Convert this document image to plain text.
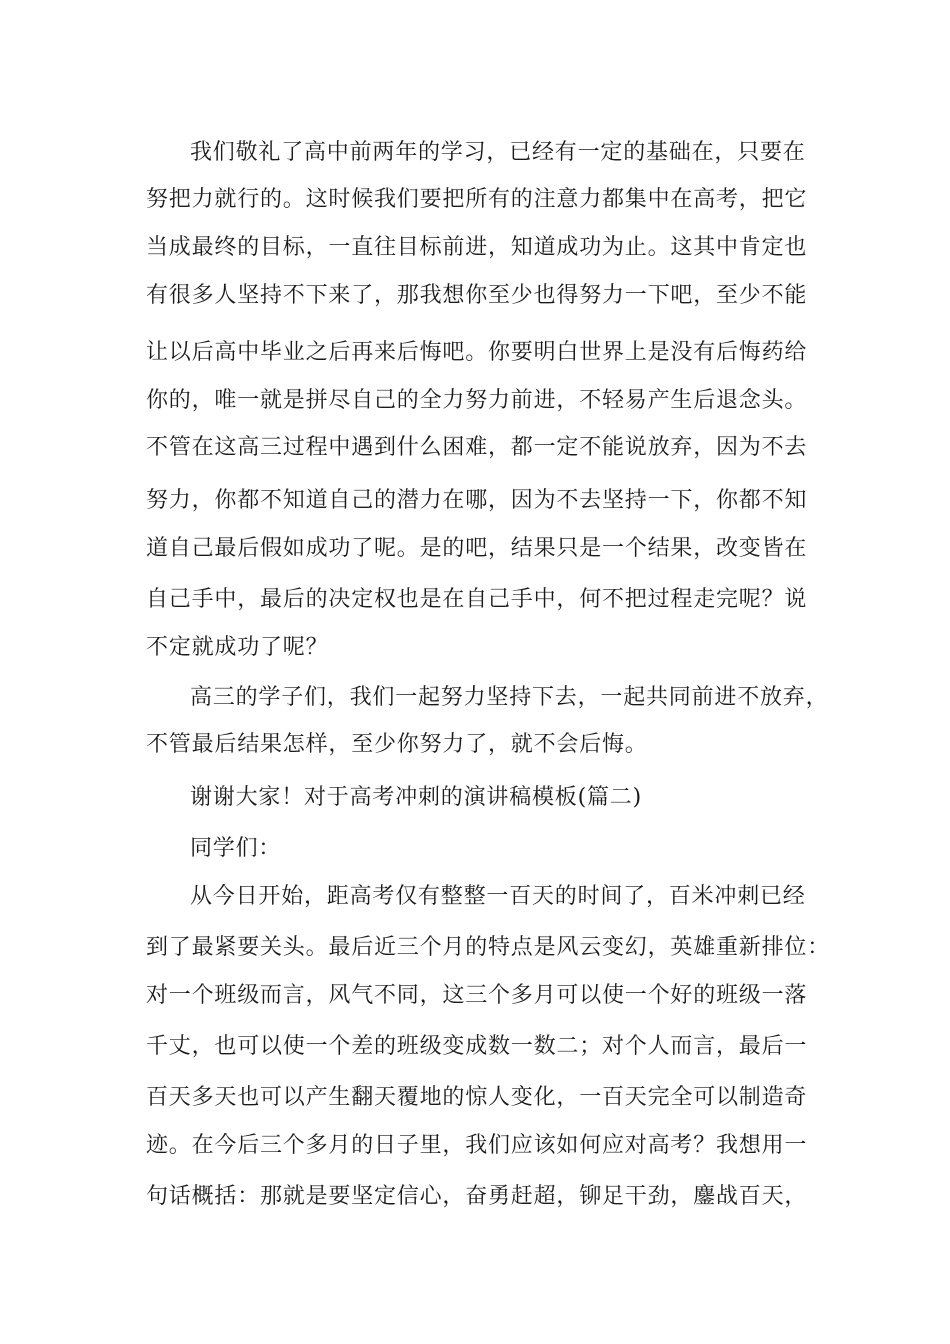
我们敬礼了高中前两年的学习，已经有一定的基础在，只要在
努把力就行的。这时候我们要把所有的注意力都集中在高考，把它
当成最终的目标，一直往目标前进，知道成功为止。这其中肯定也
有很多人坚持不下来了，那我想你至少也得努力一下吧，至少不能
让以后高中毕业之后再来后悔吧。你要明白世界上是没有后悔药给
你的，唯一就是拼尽自己的全力努力前进，不轻易产生后退念头。
不管在这高三过程中遇到什么困难，都一定不能说放弃，因为不去
努力，你都不知道自己的潜力在哪，因为不去坚持一下，你都不知
道自己最后假如成功了呢。是的吧，结果只是一个结果，改变皆在
自己手中，最后的决定权也是在自己手中，何不把过程走完呢？说
不定就成功了呢？
高三的学子们，我们一起努力坚持下去，一起共同前进不放弃，
不管最后结果怎样，至少你努力了，就不会后悔。
谢谢大家！对于高考冲刺的演讲稿模板(篇二)
同学们：
从今日开始，距高考仅有整整一百天的时间了，百米冲刺已经
到了最紧要关头。最后近三个月的特点是风云变幻，英雄重新排位：
对一个班级而言，风气不同，这三个多月可以使一个好的班级一落
千丈，也可以使一个差的班级变成数一数二；对个人而言，最后一
百天多天也可以产生翻天覆地的惊人变化，一百天完全可以制造奇
迹。在今后三个多月的日子里，我们应该如何应对高考？我想用一
句话概括：那就是要坚定信心，奋勇赶超，铆足干劲，鏖战百天，
